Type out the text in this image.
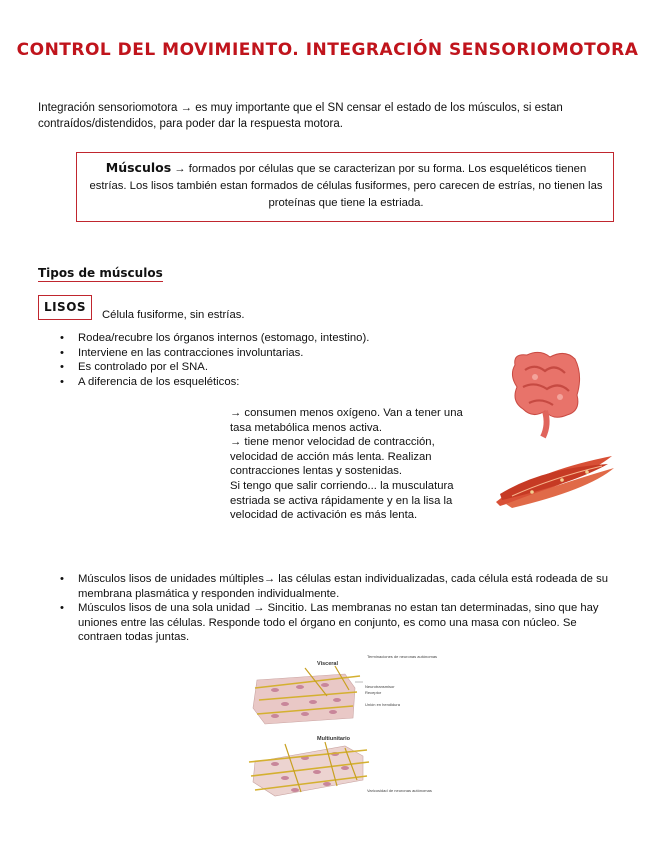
CONTROL DEL MOVIMIENTO. INTEGRACIÓN SENSORIOMOTORA
Integración sensoriomotora → es muy importante que el SN censar el estado de los músculos, si estan contraídos/distendidos, para poder dar la respuesta motora.
Músculos → formados por células que se caracterizan por su forma. Los esqueléticos tienen estrías. Los lisos también estan formados de células fusiformes, pero carecen de estrías, no tienen las proteínas que tiene la estriada.
Tipos de músculos
LISOS
Célula fusiforme, sin estrías.
• Rodea/recubre los órganos internos (estomago, intestino).
• Interviene en las contracciones involuntarias.
• Es controlado por el SNA.
• A diferencia de los esqueléticos:
→ consumen menos oxígeno. Van a tener una tasa metabólica menos activa.
→ tiene menor velocidad de contracción, velocidad de acción más lenta. Realizan contracciones lentas y sostenidas.
Si tengo que salir corriendo... la musculatura estriada se activa rápidamente y en la lisa la velocidad de activación es más lenta.
• Músculos lisos de unidades múltiples→ las células estan individualizadas, cada célula está rodeada de su membrana plasmática y responden individualmente.
• Músculos lisos de una sola unidad → Sincitio. Las membranas no estan tan determinadas, sino que hay uniones entre las células. Responde todo el órgano en conjunto, es como una masa con núcleo. Se contraen todas juntas.
Visceral
Terminaciones de neuronas autónomas
Neurotransmisor
Receptor
Unión en hendidura
Multiunitario
Varicosidad de neuronas autónomas
